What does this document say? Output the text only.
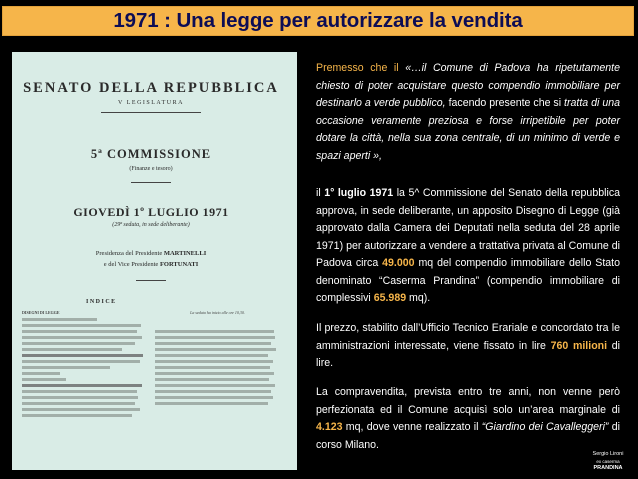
1971 : Una legge per autorizzare la vendita
SENATO DELLA REPUBBLICA
V LEGISLATURA
5ª COMMISSIONE
(Finanze e tesoro)
GIOVEDÌ 1º LUGLIO 1971
(29ª seduta, in sede deliberante)
Presidenza del Presidente MARTINELLI
e del Vice Presidente FORTUNATI
INDICE
DISEGNI DI LEGGE	La seduta ha inizio alle ore 10,30.
Premesso che il «…il Comune di Padova ha ripetutamente chiesto di poter acquistare questo compendio immobiliare per destinarlo a verde pubblico, facendo presente che si tratta di una occasione veramente preziosa e forse irripetibile per poter dotare la città, nella sua zona centrale, di un minimo di verde e spazi aperti »,
il 1° luglio 1971 la 5^ Commissione del Senato della repubblica approva, in sede deliberante, un apposito Disegno di Legge (già approvato dalla Camera dei Deputati nella seduta del 28 aprile 1971) per autorizzare a vendere a trattativa privata al Comune di Padova circa 49.000 mq del compendio immobiliare dello Stato denominato “Caserma Prandina” (compendio immobiliare di complessivi 65.989 mq).
Il prezzo, stabilito dall’Ufficio Tecnico Erariale e concordato tra le amministrazioni interessate, viene fissato in lire 760 milioni di lire.
La compravendita, prevista entro tre anni, non venne però perfezionata ed il Comune acquisì solo un’area marginale di 4.123 mq, dove venne realizzato il “Giardino dei Cavalleggeri” di corso Milano.
Sergio Lironi
ex caserma
PRANDINA
